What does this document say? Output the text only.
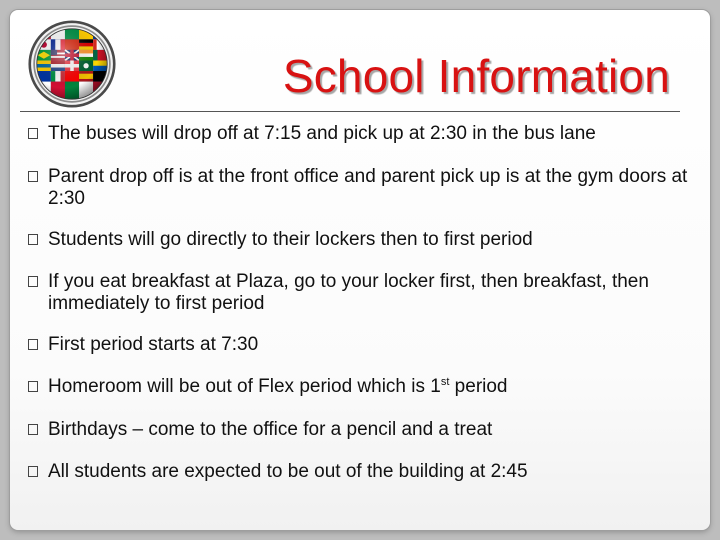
School Information
The buses will drop off at 7:15 and pick up at 2:30 in the bus lane
Parent drop off is at the front office and parent pick up is at the gym doors at 2:30
Students will go directly to their lockers then to first period
If you eat breakfast at Plaza, go to your locker first, then breakfast, then immediately to first period
First period starts at 7:30
Homeroom will be out of Flex period which is 1st period
Birthdays – come to the office for a pencil and a treat
All students are expected to be out of the building at 2:45
